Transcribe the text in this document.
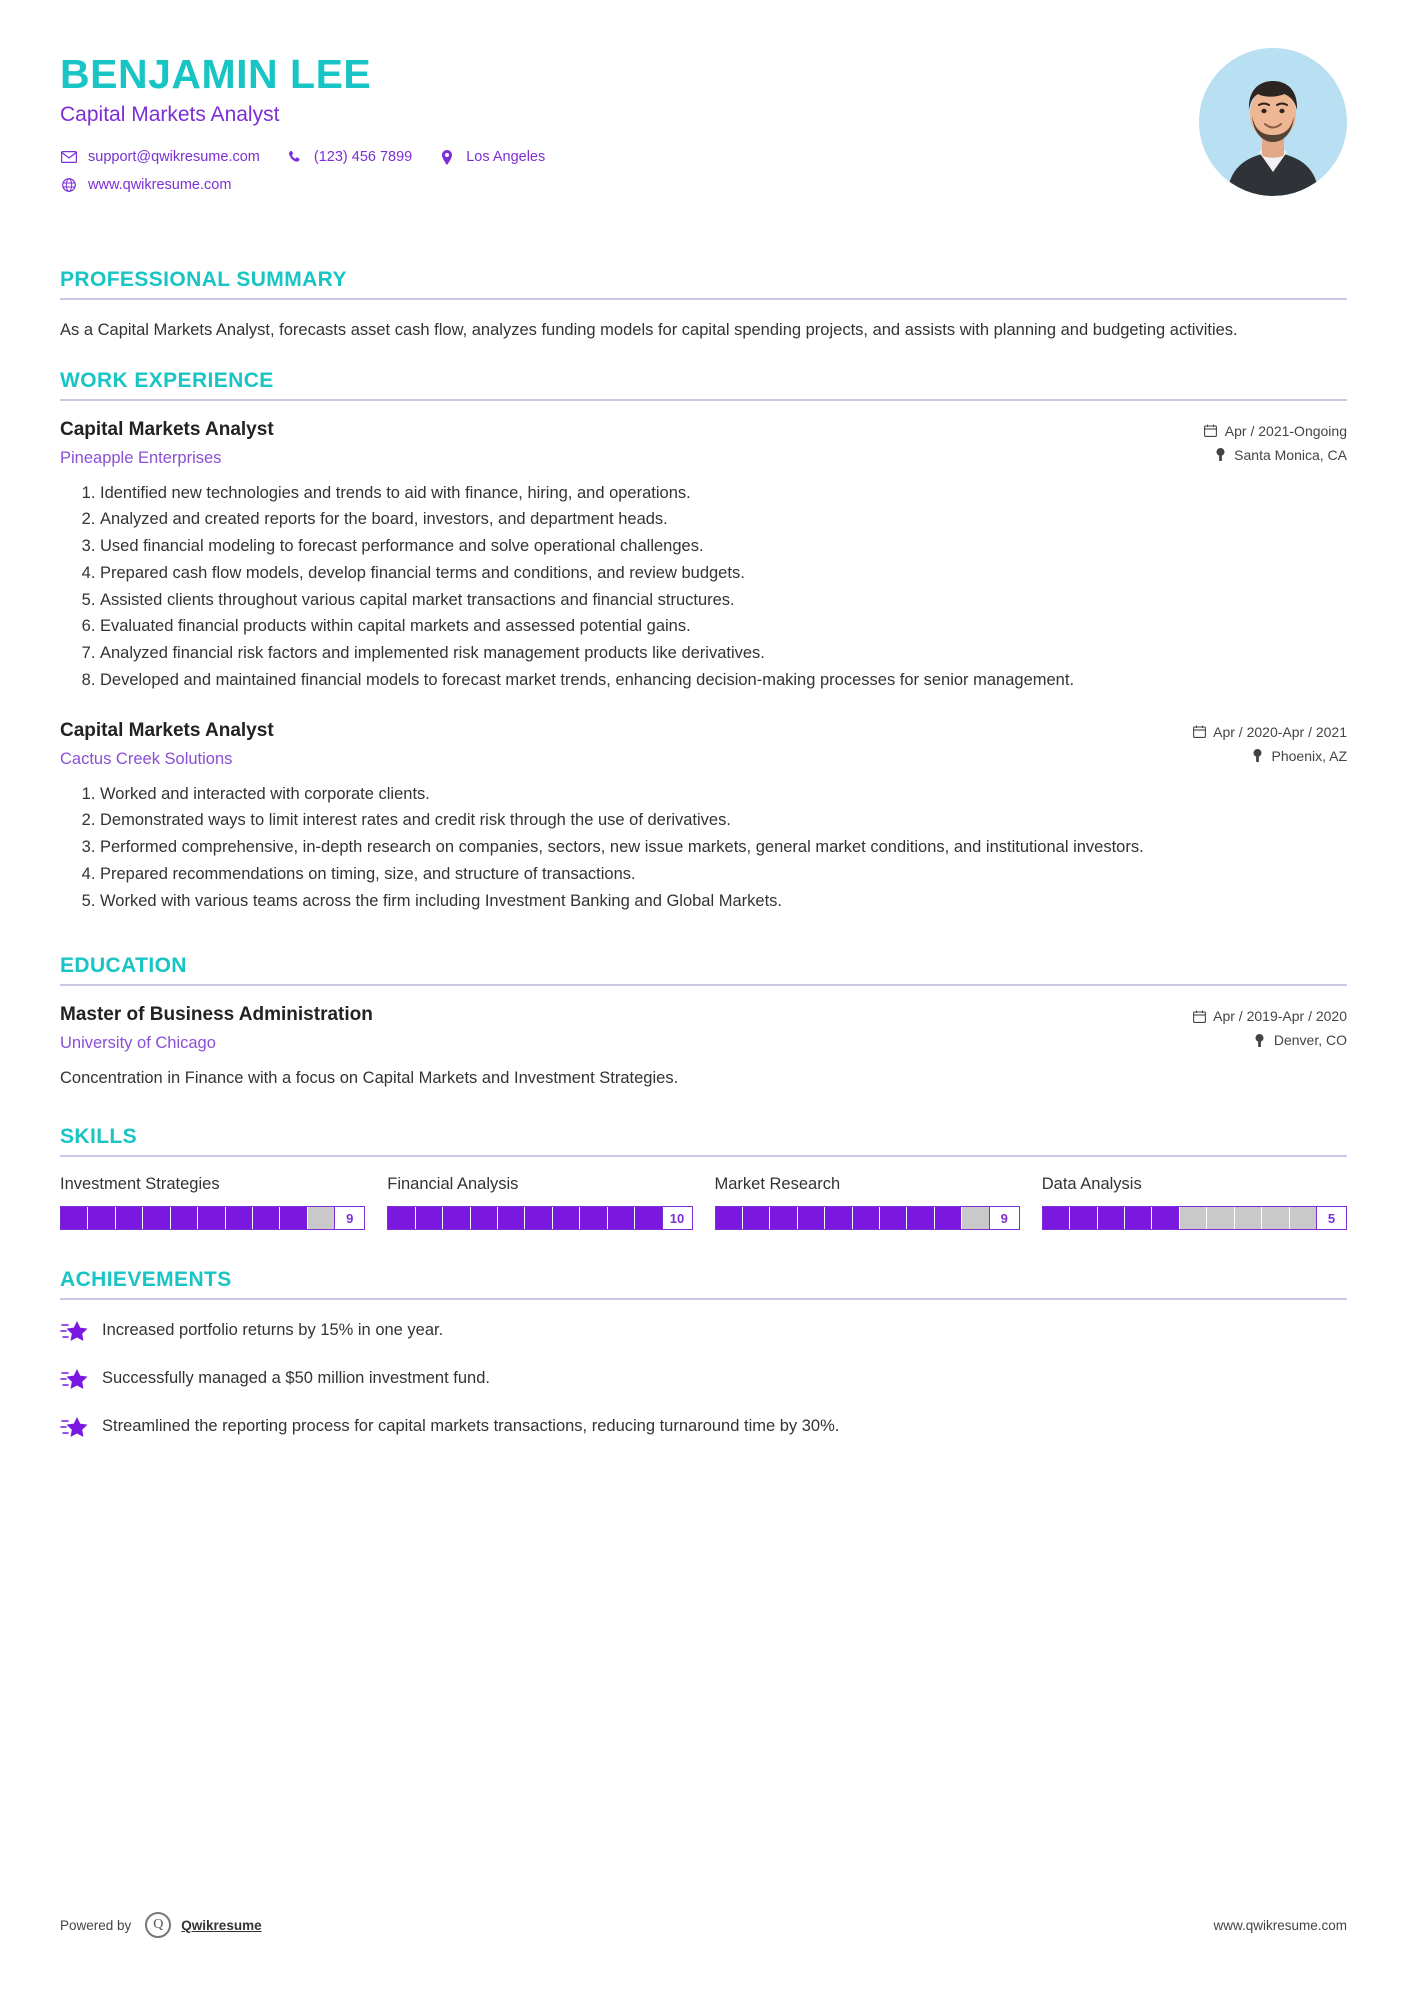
BENJAMIN LEE
Capital Markets Analyst
support@qwikresume.com	(123) 456 7899	Los Angeles
www.qwikresume.com
PROFESSIONAL SUMMARY
As a Capital Markets Analyst, forecasts asset cash flow, analyzes funding models for capital spending projects, and assists with planning and budgeting activities.
WORK EXPERIENCE
Capital Markets Analyst
Pineapple Enterprises
Apr / 2021-Ongoing
Santa Monica, CA
1. Identified new technologies and trends to aid with finance, hiring, and operations.
2. Analyzed and created reports for the board, investors, and department heads.
3. Used financial modeling to forecast performance and solve operational challenges.
4. Prepared cash flow models, develop financial terms and conditions, and review budgets.
5. Assisted clients throughout various capital market transactions and financial structures.
6. Evaluated financial products within capital markets and assessed potential gains.
7. Analyzed financial risk factors and implemented risk management products like derivatives.
8. Developed and maintained financial models to forecast market trends, enhancing decision-making processes for senior management.
Capital Markets Analyst
Cactus Creek Solutions
Apr / 2020-Apr / 2021
Phoenix, AZ
1. Worked and interacted with corporate clients.
2. Demonstrated ways to limit interest rates and credit risk through the use of derivatives.
3. Performed comprehensive, in-depth research on companies, sectors, new issue markets, general market conditions, and institutional investors.
4. Prepared recommendations on timing, size, and structure of transactions.
5. Worked with various teams across the firm including Investment Banking and Global Markets.
EDUCATION
Master of Business Administration
University of Chicago
Apr / 2019-Apr / 2020
Denver, CO
Concentration in Finance with a focus on Capital Markets and Investment Strategies.
SKILLS
Investment Strategies
9
Financial Analysis
10
Market Research
9
Data Analysis
5
ACHIEVEMENTS
Increased portfolio returns by 15% in one year.
Successfully managed a $50 million investment fund.
Streamlined the reporting process for capital markets transactions, reducing turnaround time by 30%.
Powered by	Q	Qwikresume	www.qwikresume.com
